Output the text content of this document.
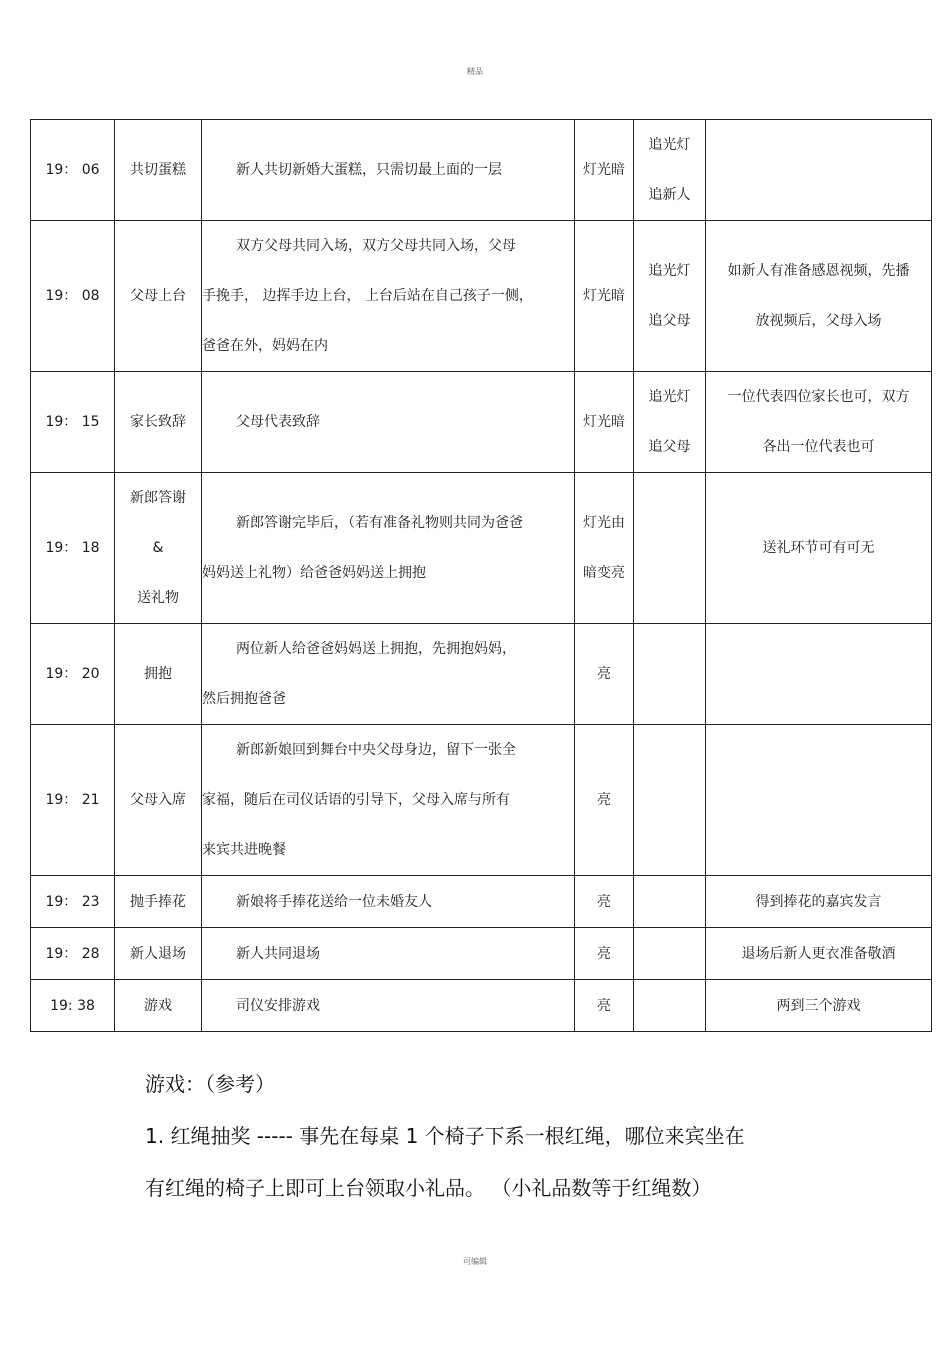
精品
19： 06	共切蛋糕	新人共切新婚大蛋糕，只需切最上面的一层	灯光暗	追光灯
追新人	

19： 08	父母上台	双方父母共同入场，双方父母共同入场，父母
手挽手， 边挥手边上台， 上台后站在自己孩子一侧，
爸爸在外，妈妈在内	灯光暗	追光灯
追父母	如新人有准备感恩视频，先播
放视频后，父母入场

19： 15	家长致辞	父母代表致辞	灯光暗	追光灯
追父母	一位代表四位家长也可，双方
各出一位代表也可

19： 18	新郎答谢
&
送礼物	新郎答谢完毕后，（若有准备礼物则共同为爸爸
妈妈送上礼物）给爸爸妈妈送上拥抱	灯光由
暗变亮		送礼环节可有可无

19： 20	拥抱	两位新人给爸爸妈妈送上拥抱，先拥抱妈妈，
然后拥抱爸爸	亮		

19： 21	父母入席	新郎新娘回到舞台中央父母身边，留下一张全
家福，随后在司仪话语的引导下，父母入席与所有
来宾共进晚餐	亮		

19： 23	抛手捧花	新娘将手捧花送给一位未婚友人	亮		得到捧花的嘉宾发言

19： 28	新人退场	新人共同退场	亮		退场后新人更衣准备敬酒

19: 38	游戏	司仪安排游戏	亮		两到三个游戏
游戏：（参考）
1. 红绳抽奖 ----- 事先在每桌 1 个椅子下系一根红绳，哪位来宾坐在
有红绳的椅子上即可上台领取小礼品。 （小礼品数等于红绳数）
可编辑
